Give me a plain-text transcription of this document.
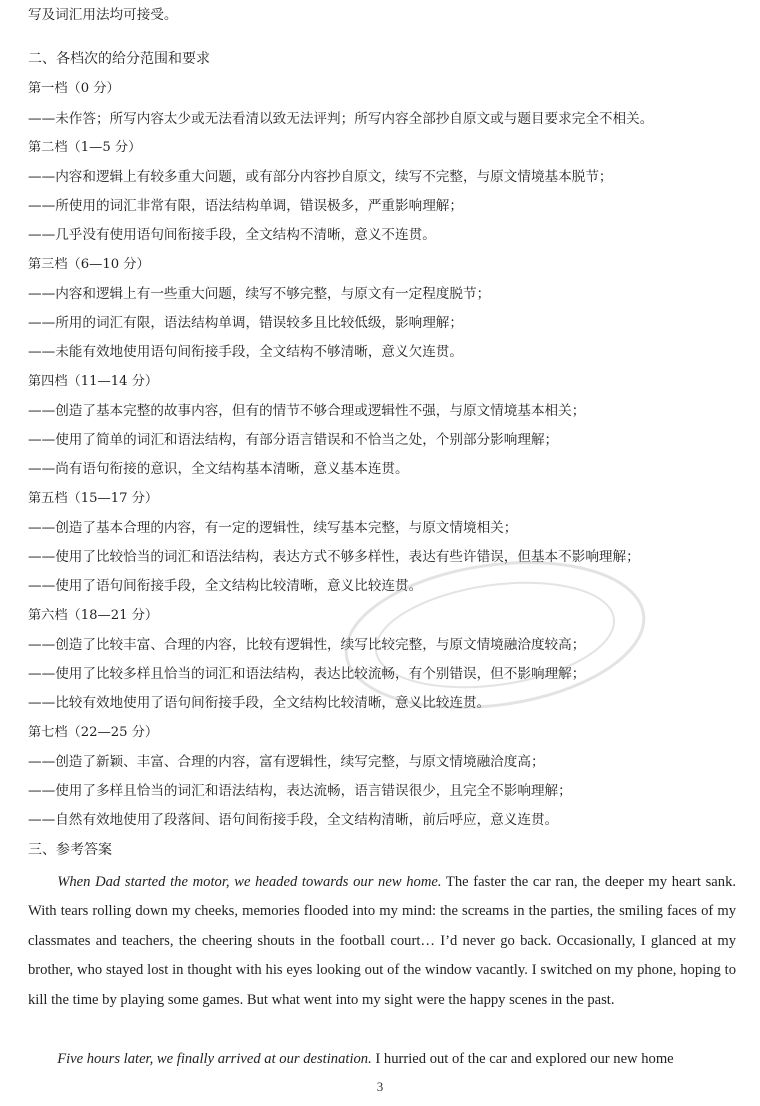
写及词汇用法均可接受。
二、各档次的给分范围和要求
第一档（0 分）
——未作答；所写内容太少或无法看清以致无法评判；所写内容全部抄自原文或与题目要求完全不相关。
第二档（1—5 分）
——内容和逻辑上有较多重大问题，或有部分内容抄自原文，续写不完整，与原文情境基本脱节；
——所使用的词汇非常有限，语法结构单调，错误极多，严重影响理解；
——几乎没有使用语句间衔接手段，全文结构不清晰，意义不连贯。
第三档（6—10 分）
——内容和逻辑上有一些重大问题，续写不够完整，与原文有一定程度脱节；
——所用的词汇有限，语法结构单调，错误较多且比较低级，影响理解；
——未能有效地使用语句间衔接手段，全文结构不够清晰，意义欠连贯。
第四档（11—14 分）
——创造了基本完整的故事内容，但有的情节不够合理或逻辑性不强，与原文情境基本相关；
——使用了简单的词汇和语法结构，有部分语言错误和不恰当之处，个别部分影响理解；
——尚有语句衔接的意识，全文结构基本清晰，意义基本连贯。
第五档（15—17 分）
——创造了基本合理的内容，有一定的逻辑性，续写基本完整，与原文情境相关；
——使用了比较恰当的词汇和语法结构，表达方式不够多样性，表达有些许错误，但基本不影响理解；
——使用了语句间衔接手段，全文结构比较清晰，意义比较连贯。
第六档（18—21 分）
——创造了比较丰富、合理的内容，比较有逻辑性，续写比较完整，与原文情境融洽度较高；
——使用了比较多样且恰当的词汇和语法结构，表达比较流畅，有个别错误，但不影响理解；
——比较有效地使用了语句间衔接手段，全文结构比较清晰，意义比较连贯。
第七档（22—25 分）
——创造了新颖、丰富、合理的内容，富有逻辑性，续写完整，与原文情境融洽度高；
——使用了多样且恰当的词汇和语法结构，表达流畅，语言错误很少，且完全不影响理解；
——自然有效地使用了段落间、语句间衔接手段，全文结构清晰，前后呼应，意义连贯。
三、参考答案

When Dad started the motor, we headed towards our new home. The faster the car ran, the deeper my heart sank. With tears rolling down my cheeks, memories flooded into my mind: the screams in the parties, the smiling faces of my classmates and teachers, the cheering shouts in the football court… I’d never go back. Occasionally, I glanced at my brother, who stayed lost in thought with his eyes looking out of the window vacantly. I switched on my phone, hoping to kill the time by playing some games. But what went into my sight were the happy scenes in the past.

Five hours later, we finally arrived at our destination. I hurried out of the car and explored our new home

3
